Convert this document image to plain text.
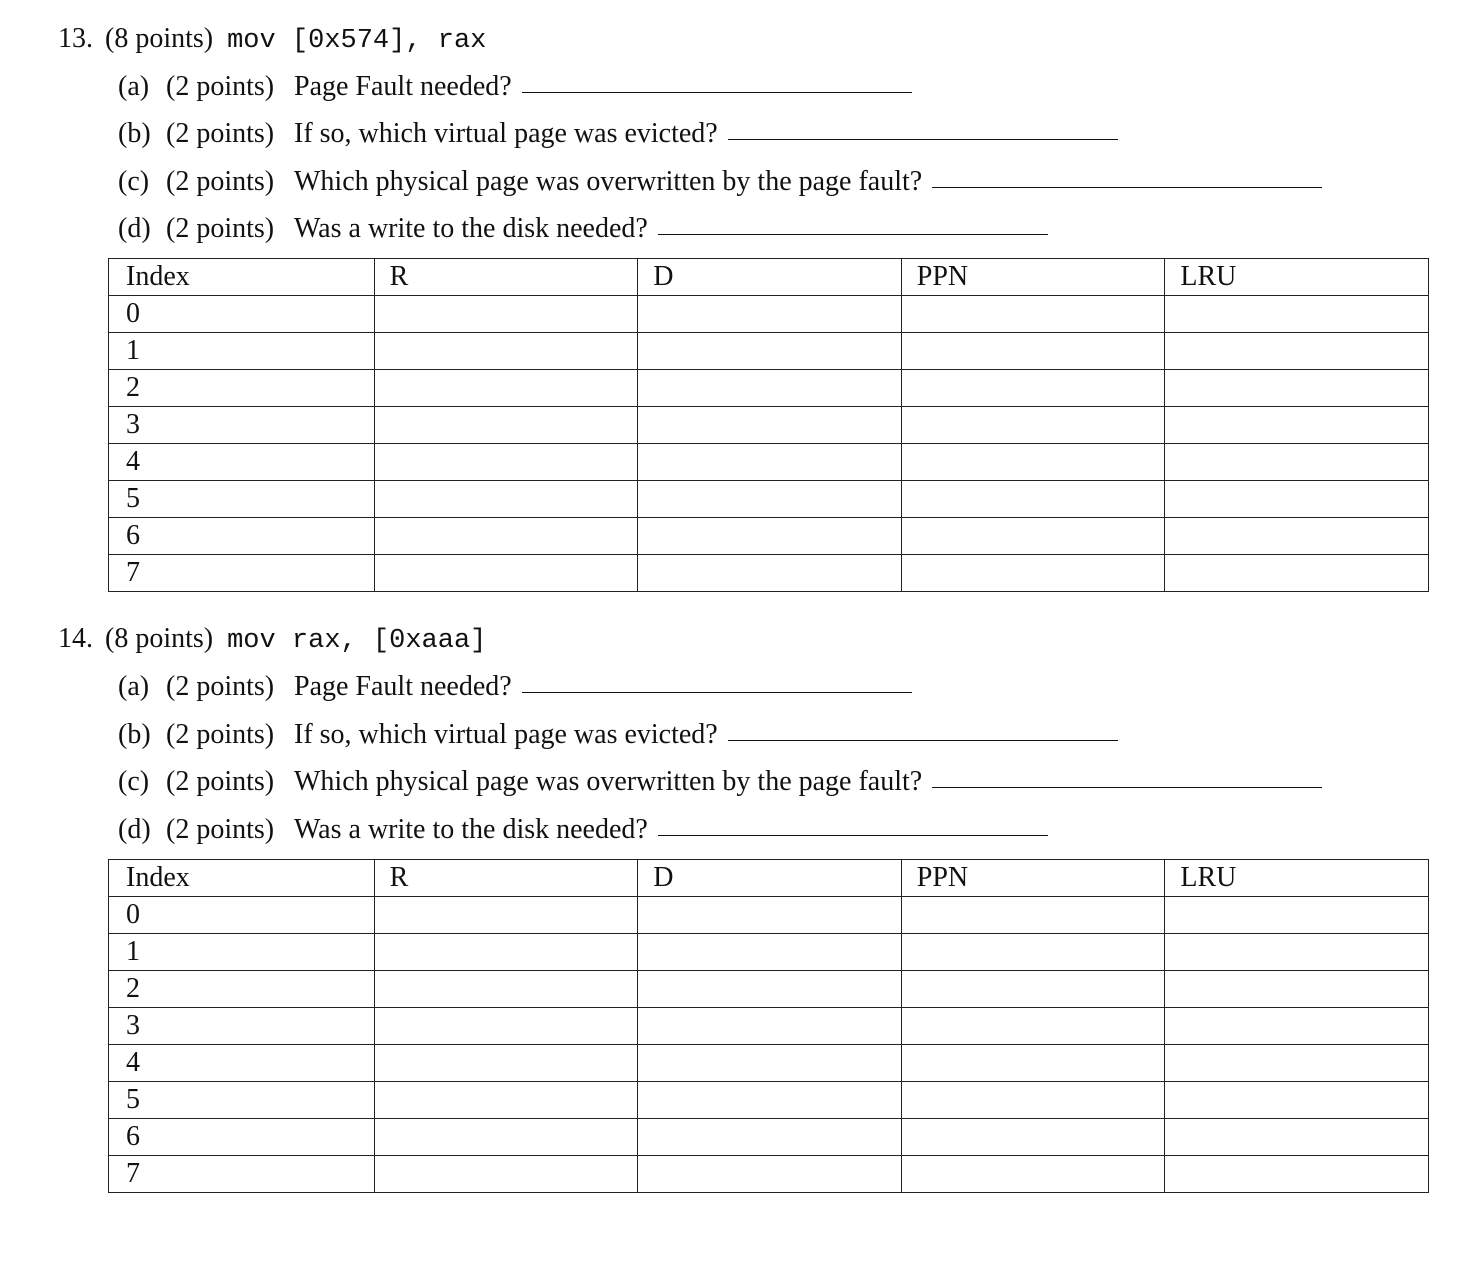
13. (8 points) mov [0x574], rax
(a) (2 points) Page Fault needed?
(b) (2 points) If so, which virtual page was evicted?
(c) (2 points) Which physical page was overwritten by the page fault?
(d) (2 points) Was a write to the disk needed?
Index	R	D	PPN	LRU
0				
1				
2				
3				
4				
5				
6				
7				
14. (8 points) mov rax, [0xaaa]
(a) (2 points) Page Fault needed?
(b) (2 points) If so, which virtual page was evicted?
(c) (2 points) Which physical page was overwritten by the page fault?
(d) (2 points) Was a write to the disk needed?
Index	R	D	PPN	LRU
0				
1				
2				
3				
4				
5				
6				
7				
